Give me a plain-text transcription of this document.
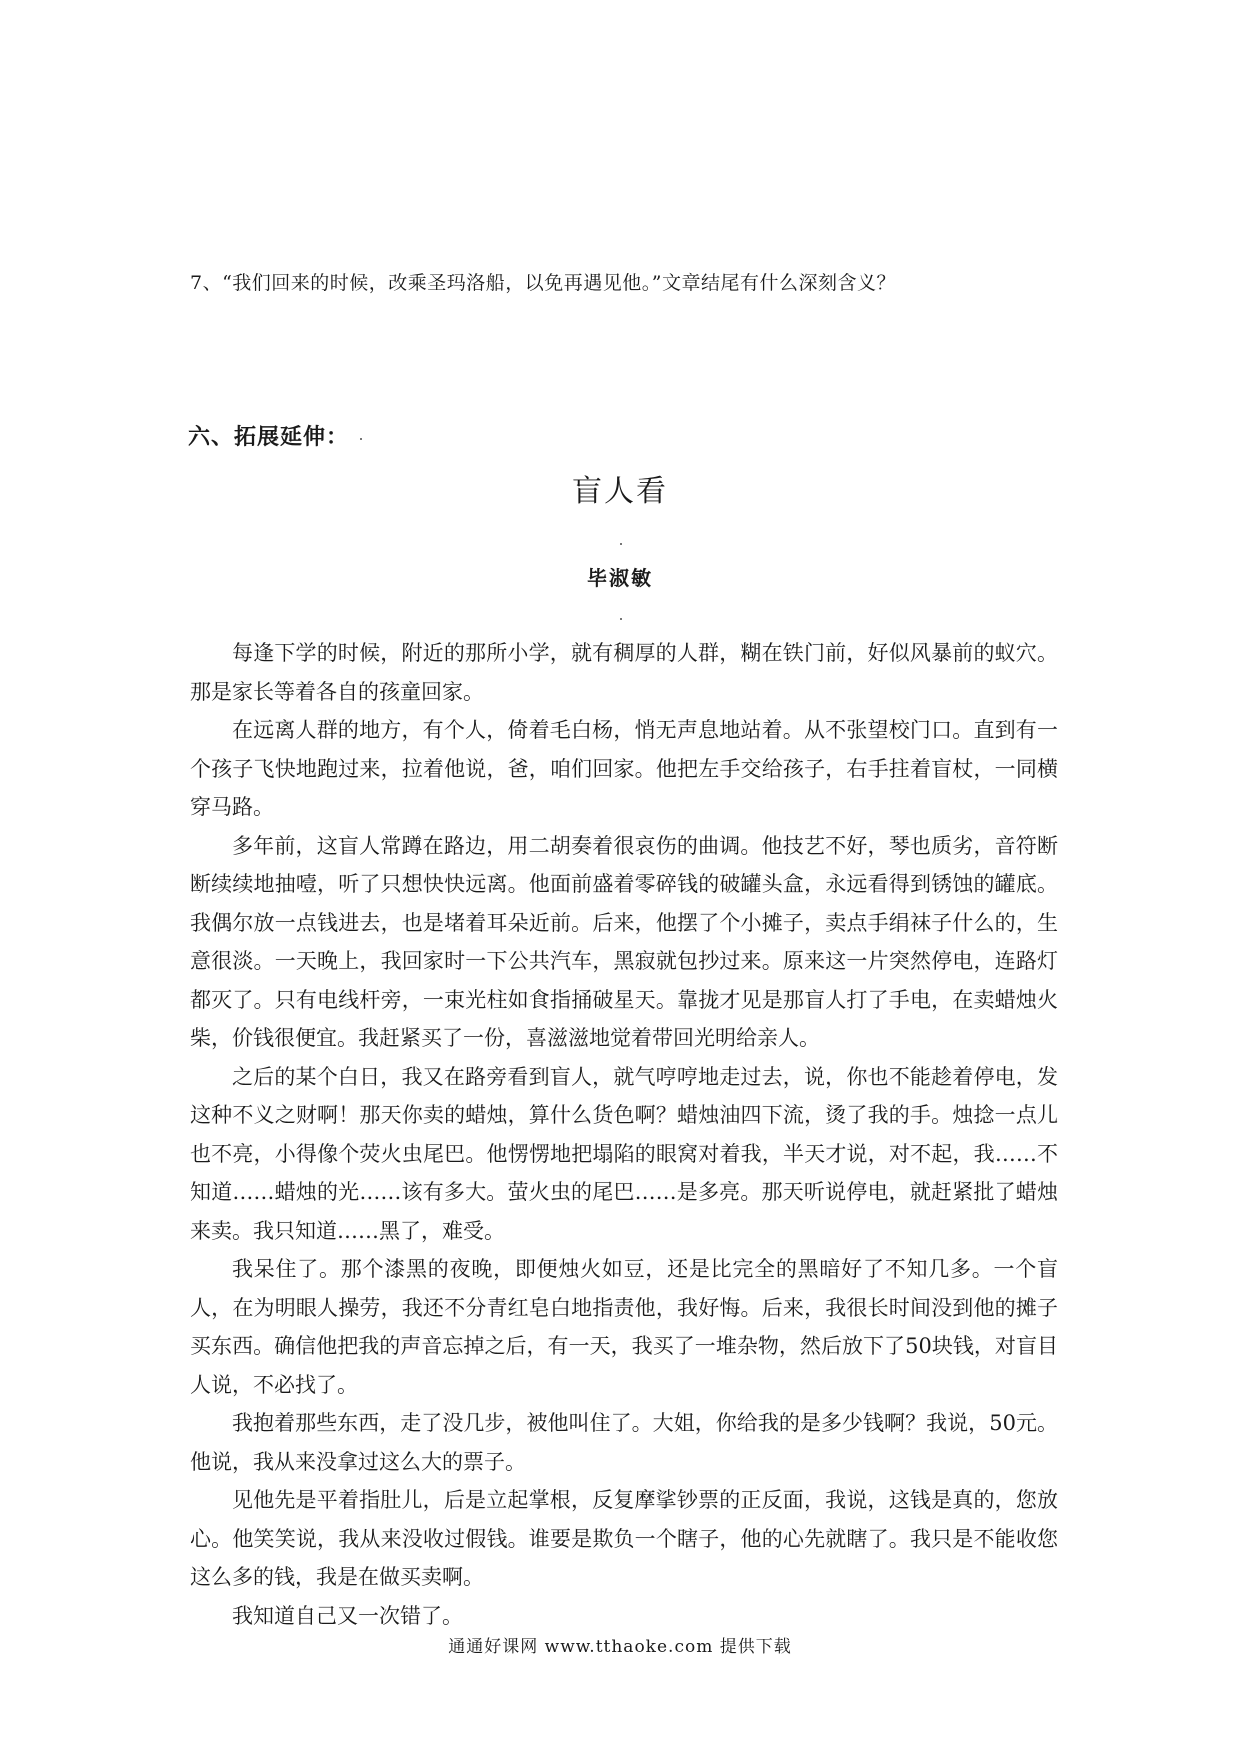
7、“我们回来的时候，改乘圣玛洛船，以免再遇见他。”文章结尾有什么深刻含义？
六、拓展延伸：
盲人看
毕淑敏

每逢下学的时候，附近的那所小学，就有稠厚的人群，糊在铁门前，好似风暴前的蚁穴。那是家长等着各自的孩童回家。

在远离人群的地方，有个人，倚着毛白杨，悄无声息地站着。从不张望校门口。直到有一个孩子飞快地跑过来，拉着他说，爸，咱们回家。他把左手交给孩子，右手拄着盲杖，一同横穿马路。

多年前，这盲人常蹲在路边，用二胡奏着很哀伤的曲调。他技艺不好，琴也质劣，音符断断续续地抽噎，听了只想快快远离。他面前盛着零碎钱的破罐头盒，永远看得到锈蚀的罐底。我偶尔放一点钱进去，也是堵着耳朵近前。后来，他摆了个小摊子，卖点手绢袜子什么的，生意很淡。一天晚上，我回家时一下公共汽车，黑寂就包抄过来。原来这一片突然停电，连路灯都灭了。只有电线杆旁，一束光柱如食指捅破星天。靠拢才见是那盲人打了手电，在卖蜡烛火柴，价钱很便宜。我赶紧买了一份，喜滋滋地觉着带回光明给亲人。

之后的某个白日，我又在路旁看到盲人，就气哼哼地走过去，说，你也不能趁着停电，发这种不义之财啊！那天你卖的蜡烛，算什么货色啊？蜡烛油四下流，烫了我的手。烛捻一点儿也不亮，小得像个荧火虫尾巴。他愣愣地把塌陷的眼窝对着我，半天才说，对不起，我……不知道……蜡烛的光……该有多大。萤火虫的尾巴……是多亮。那天听说停电，就赶紧批了蜡烛来卖。我只知道……黑了，难受。

我呆住了。那个漆黑的夜晚，即便烛火如豆，还是比完全的黑暗好了不知几多。一个盲人，在为明眼人操劳，我还不分青红皂白地指责他，我好悔。后来，我很长时间没到他的摊子买东西。确信他把我的声音忘掉之后，有一天，我买了一堆杂物，然后放下了50块钱，对盲目人说，不必找了。

我抱着那些东西，走了没几步，被他叫住了。大姐，你给我的是多少钱啊？我说，50元。他说，我从来没拿过这么大的票子。

见他先是平着指肚儿，后是立起掌根，反复摩挲钞票的正反面，我说，这钱是真的，您放心。他笑笑说，我从来没收过假钱。谁要是欺负一个瞎子，他的心先就瞎了。我只是不能收您这么多的钱，我是在做买卖啊。

我知道自己又一次错了。

通通好课网 www.tthaoke.com 提供下载
